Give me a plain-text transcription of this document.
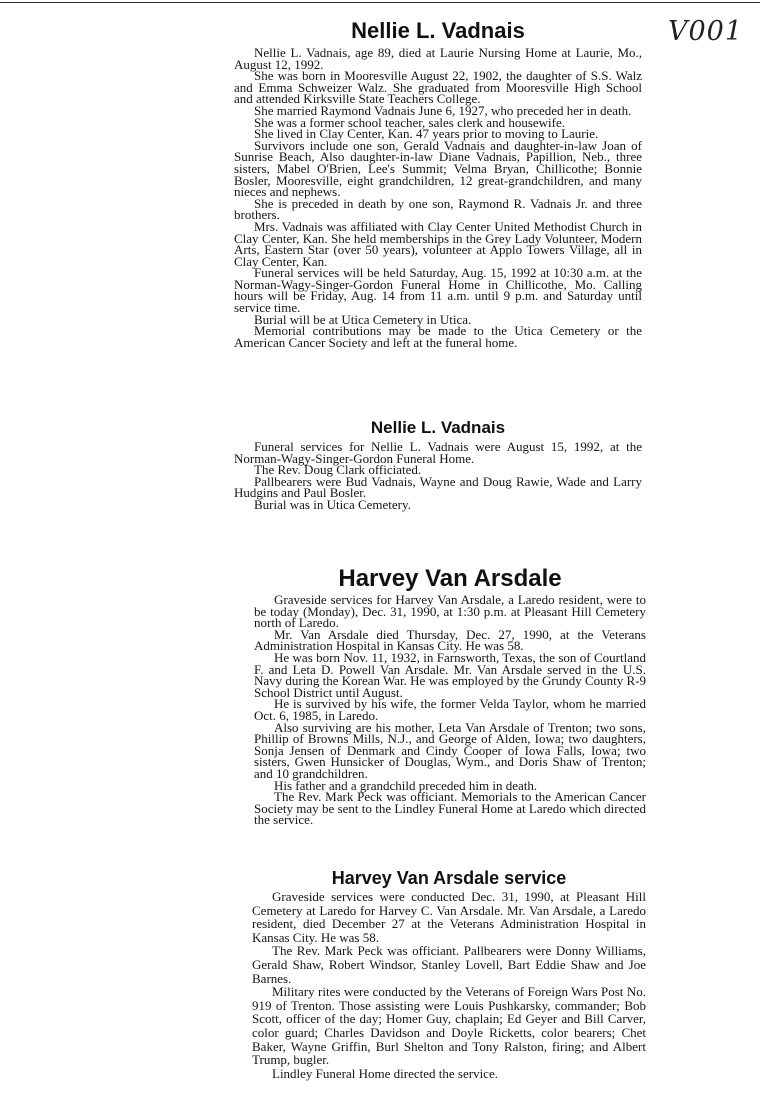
V001
Nellie L. Vadnais

Nellie L. Vadnais, age 89, died at Laurie Nursing Home at Laurie, Mo., August 12, 1992.

She was born in Mooresville August 22, 1902, the daughter of S.S. Walz and Emma Schweizer Walz. She graduated from Mooresville High School and attended Kirksville State Teachers College.

She married Raymond Vadnais June 6, 1927, who preceded her in death.

She was a former school teacher, sales clerk and housewife.

She lived in Clay Center, Kan. 47 years prior to moving to Laurie.

Survivors include one son, Gerald Vadnais and daughter-in-law Joan of Sunrise Beach, Also daughter-in-law Diane Vadnais, Papillion, Neb., three sisters, Mabel O'Brien, Lee's Summit; Velma Bryan, Chillicothe; Bonnie Bosler, Mooresville, eight grandchildren, 12 great-grandchildren, and many nieces and nephews.

She is preceded in death by one son, Raymond R. Vadnais Jr. and three brothers.

Mrs. Vadnais was affiliated with Clay Center United Methodist Church in Clay Center, Kan. She held memberships in the Grey Lady Volunteer, Modern Arts, Eastern Star (over 50 years), volunteer at Applo Towers Village, all in Clay Center, Kan.

Funeral services will be held Saturday, Aug. 15, 1992 at 10:30 a.m. at the Norman-Wagy-Singer-Gordon Funeral Home in Chillicothe, Mo. Calling hours will be Friday, Aug. 14 from 11 a.m. until 9 p.m. and Saturday until service time.

Burial will be at Utica Cemetery in Utica.

Memorial contributions may be made to the Utica Cemetery or the American Cancer Society and left at the funeral home.

Nellie L. Vadnais

Funeral services for Nellie L. Vadnais were August 15, 1992, at the Norman-Wagy-Singer-Gordon Funeral Home.

The Rev. Doug Clark officiated.

Pallbearers were Bud Vadnais, Wayne and Doug Rawie, Wade and Larry Hudgins and Paul Bosler.

Burial was in Utica Cemetery.

Harvey Van Arsdale

Graveside services for Harvey Van Arsdale, a Laredo resident, were to be today (Monday), Dec. 31, 1990, at 1:30 p.m. at Pleasant Hill Cemetery north of Laredo.

Mr. Van Arsdale died Thursday, Dec. 27, 1990, at the Veterans Administration Hospital in Kansas City. He was 58.

He was born Nov. 11, 1932, in Farnsworth, Texas, the son of Courtland F. and Leta D. Powell Van Arsdale. Mr. Van Arsdale served in the U.S. Navy during the Korean War. He was employed by the Grundy County R-9 School District until August.

He is survived by his wife, the former Velda Taylor, whom he married Oct. 6, 1985, in Laredo.

Also surviving are his mother, Leta Van Arsdale of Trenton; two sons, Phillip of Browns Mills, N.J., and George of Alden, Iowa; two daughters, Sonja Jensen of Denmark and Cindy Cooper of Iowa Falls, Iowa; two sisters, Gwen Hunsicker of Douglas, Wym., and Doris Shaw of Trenton; and 10 grandchildren.

His father and a grandchild preceded him in death.

The Rev. Mark Peck was officiant. Memorials to the American Cancer Society may be sent to the Lindley Funeral Home at Laredo which directed the service.

Harvey Van Arsdale service

Graveside services were conducted Dec. 31, 1990, at Pleasant Hill Cemetery at Laredo for Harvey C. Van Arsdale. Mr. Van Arsdale, a Laredo resident, died December 27 at the Veterans Administration Hospital in Kansas City. He was 58.

The Rev. Mark Peck was officiant. Pallbearers were Donny Williams, Gerald Shaw, Robert Windsor, Stanley Lovell, Bart Eddie Shaw and Joe Barnes.

Military rites were conducted by the Veterans of Foreign Wars Post No. 919 of Trenton. Those assisting were Louis Pushkarsky, commander; Bob Scott, officer of the day; Homer Guy, chaplain; Ed Geyer and Bill Carver, color guard; Charles Davidson and Doyle Ricketts, color bearers; Chet Baker, Wayne Griffin, Burl Shelton and Tony Ralston, firing; and Albert Trump, bugler.

Lindley Funeral Home directed the service.
